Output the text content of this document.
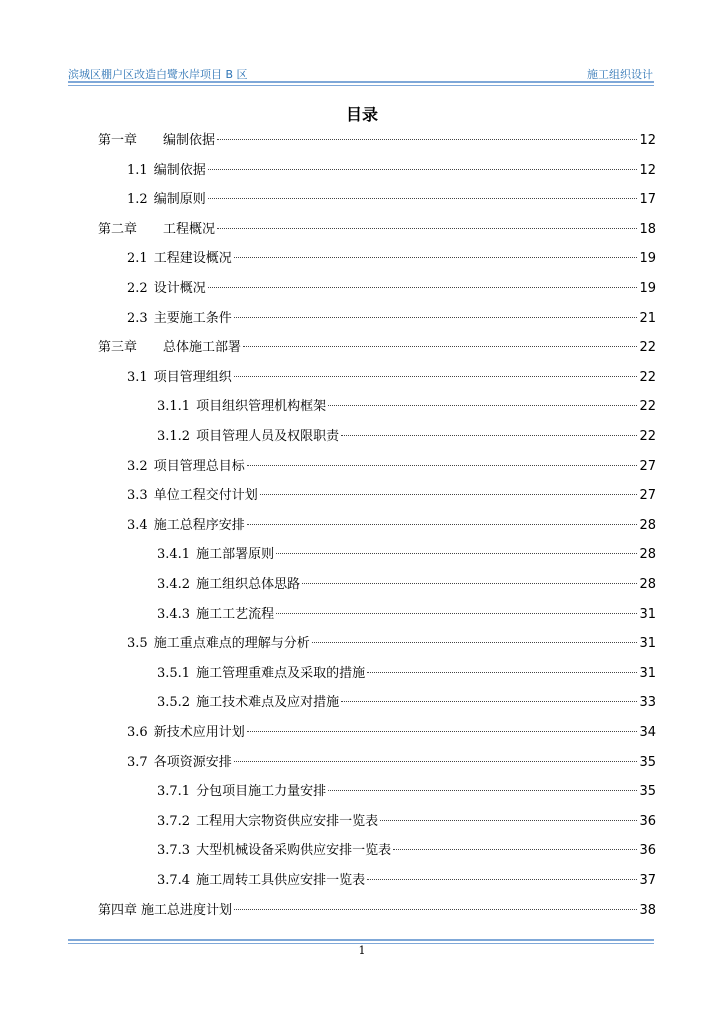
滨城区棚户区改造白鹭水岸项目 B 区	施工组织设计
目录
第一章 编制依据	12
1.1 编制依据	12
1.2 编制原则	17
第二章 工程概况	18
2.1 工程建设概况	19
2.2 设计概况	19
2.3 主要施工条件	21
第三章 总体施工部署	22
3.1 项目管理组织	22
3.1.1 项目组织管理机构框架	22
3.1.2 项目管理人员及权限职责	22
3.2 项目管理总目标	27
3.3 单位工程交付计划	27
3.4 施工总程序安排	28
3.4.1 施工部署原则	28
3.4.2 施工组织总体思路	28
3.4.3 施工工艺流程	31
3.5 施工重点难点的理解与分析	31
3.5.1 施工管理重难点及采取的措施	31
3.5.2 施工技术难点及应对措施	33
3.6 新技术应用计划	34
3.7 各项资源安排	35
3.7.1 分包项目施工力量安排	35
3.7.2 工程用大宗物资供应安排一览表	36
3.7.3 大型机械设备采购供应安排一览表	36
3.7.4 施工周转工具供应安排一览表	37
第四章 施工总进度计划	38
1
